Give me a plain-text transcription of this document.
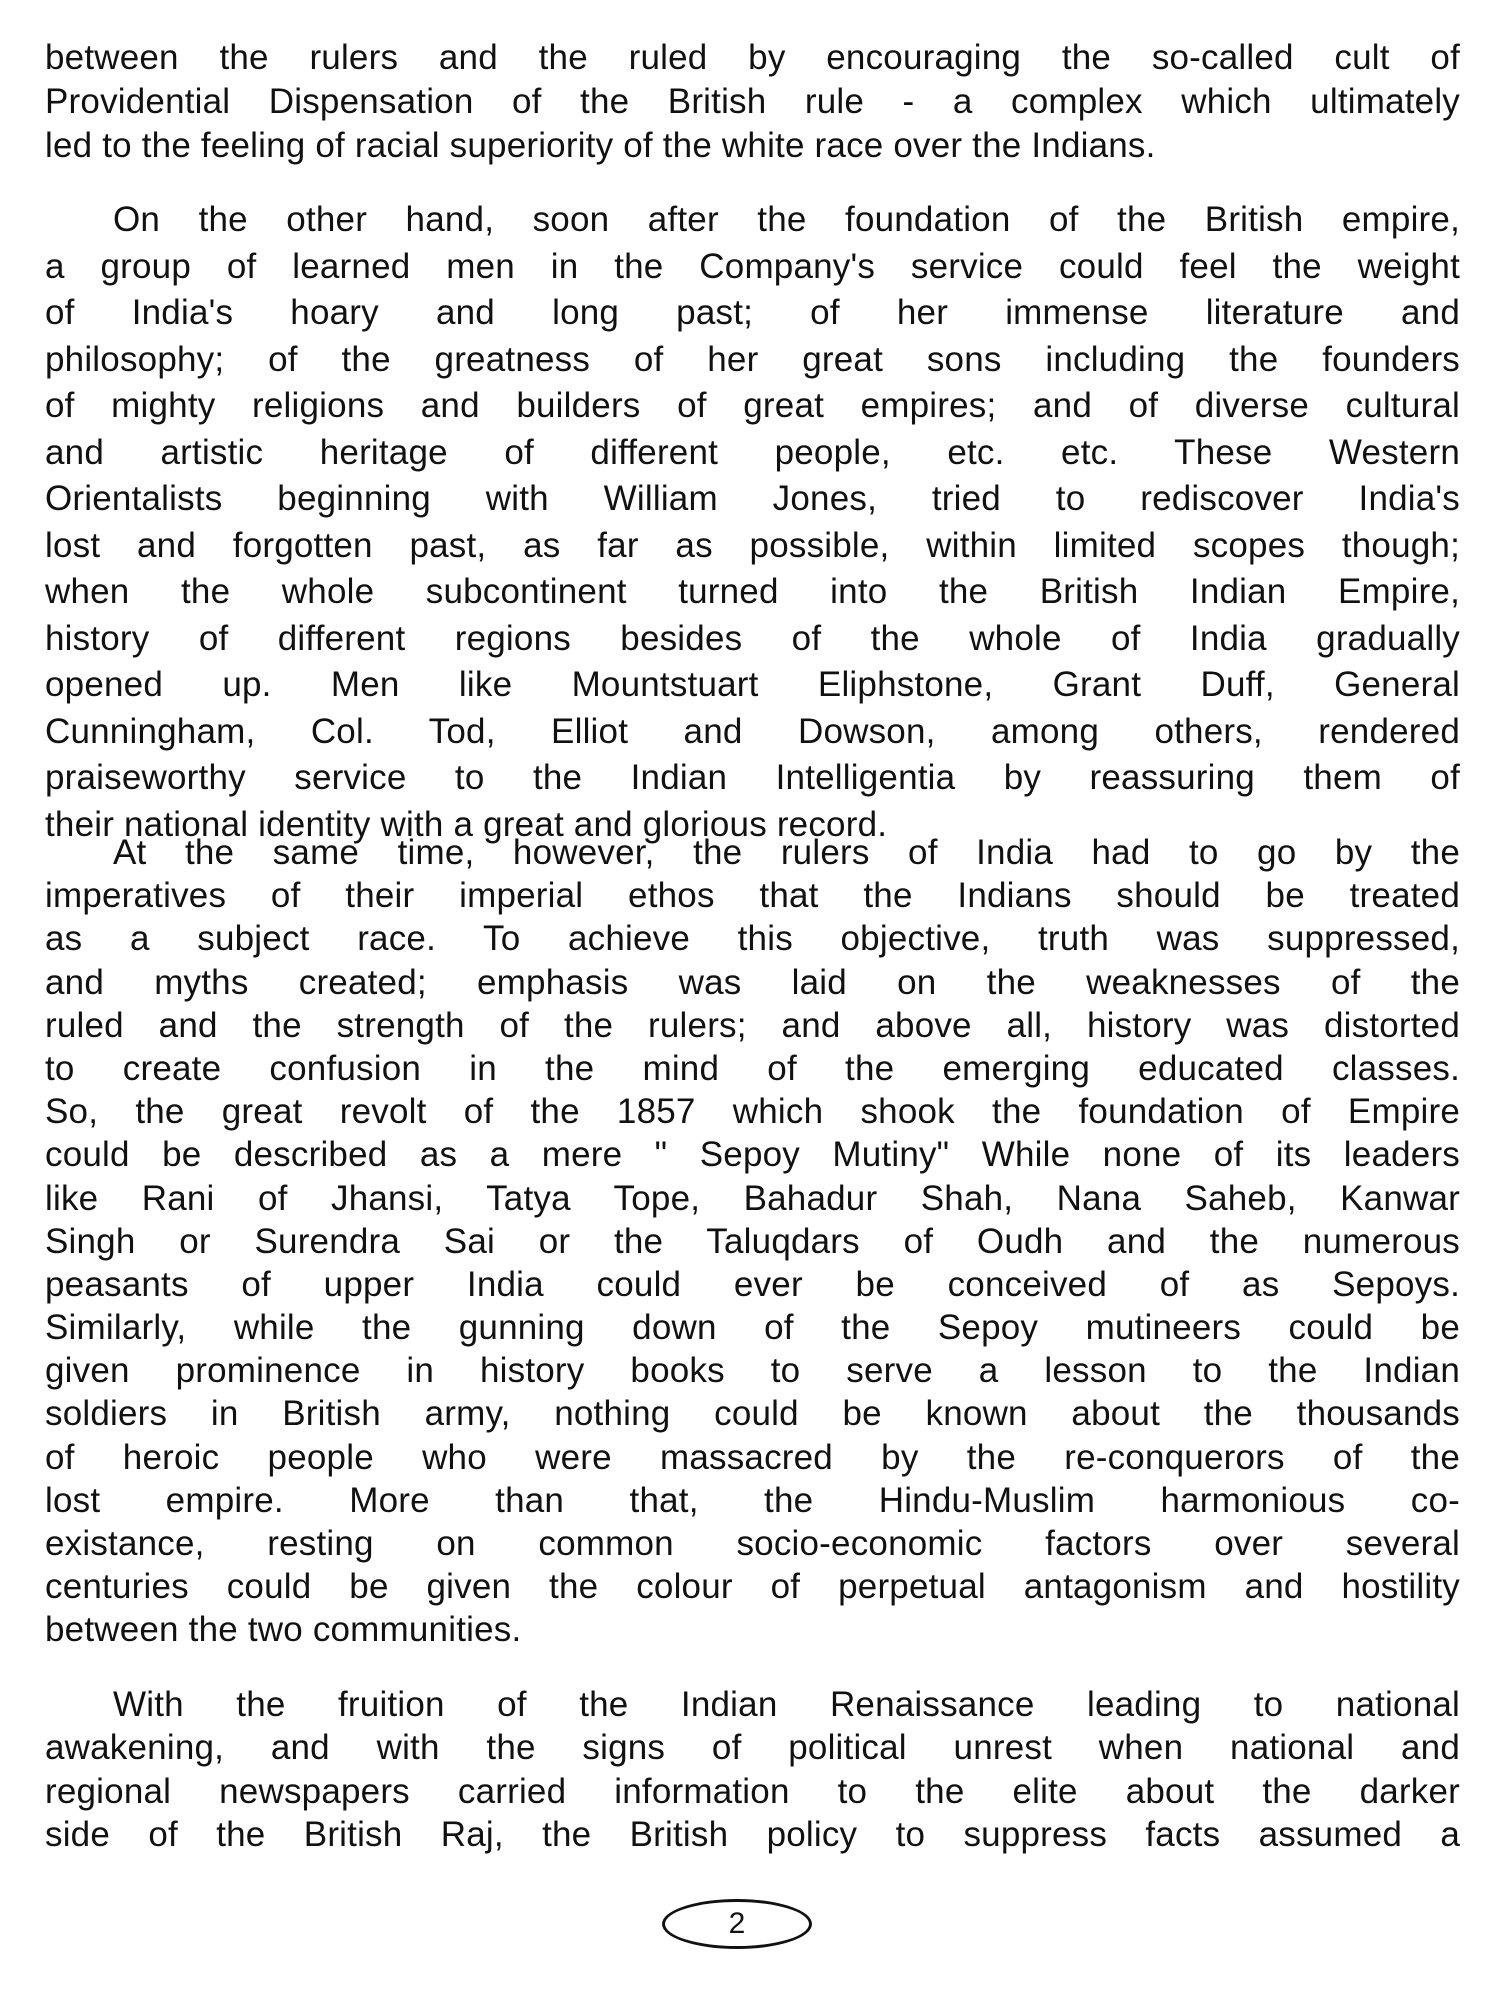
between the rulers and the ruled by encouraging the so-called cult of
Providential Dispensation of the British rule - a complex which ultimately
led to the feeling of racial superiority of the white race over the Indians.
On the other hand, soon after the foundation of the British empire,
a group of learned men in the Company's service could feel the weight
of India's hoary and long past; of her immense literature and
philosophy; of the greatness of her great sons including the founders
of mighty religions and builders of great empires; and of diverse cultural
and artistic heritage of different people, etc. etc. These Western
Orientalists beginning with William Jones, tried to rediscover India's
lost and forgotten past, as far as possible, within limited scopes though;
when the whole subcontinent turned into the British Indian Empire,
history of different regions besides of the whole of India gradually
opened up. Men like Mountstuart Eliphstone, Grant Duff, General
Cunningham, Col. Tod, Elliot and Dowson, among others, rendered
praiseworthy service to the Indian Intelligentia by reassuring them of
their national identity with a great and glorious record.
At the same time, however, the rulers of India had to go by the
imperatives of their imperial ethos that the Indians should be treated
as a subject race. To achieve this objective, truth was suppressed,
and myths created; emphasis was laid on the weaknesses of the
ruled and the strength of the rulers; and above all, history was distorted
to create confusion in the mind of the emerging educated classes.
So, the great revolt of the 1857 which shook the foundation of Empire
could be described as a mere " Sepoy Mutiny" While none of its leaders
like Rani of Jhansi, Tatya Tope, Bahadur Shah, Nana Saheb, Kanwar
Singh or Surendra Sai or the Taluqdars of Oudh and the numerous
peasants of upper India could ever be conceived of as Sepoys.
Similarly, while the gunning down of the Sepoy mutineers could be
given prominence in history books to serve a lesson to the Indian
soldiers in British army, nothing could be known about the thousands
of heroic people who were massacred by the re-conquerors of the
lost empire. More than that, the Hindu-Muslim harmonious co-
existance, resting on common socio-economic factors over several
centuries could be given the colour of perpetual antagonism and hostility
between the two communities.
With the fruition of the Indian Renaissance leading to national
awakening, and with the signs of political unrest when national and
regional newspapers carried information to the elite about the darker
side of the British Raj, the British policy to suppress facts assumed a
2
